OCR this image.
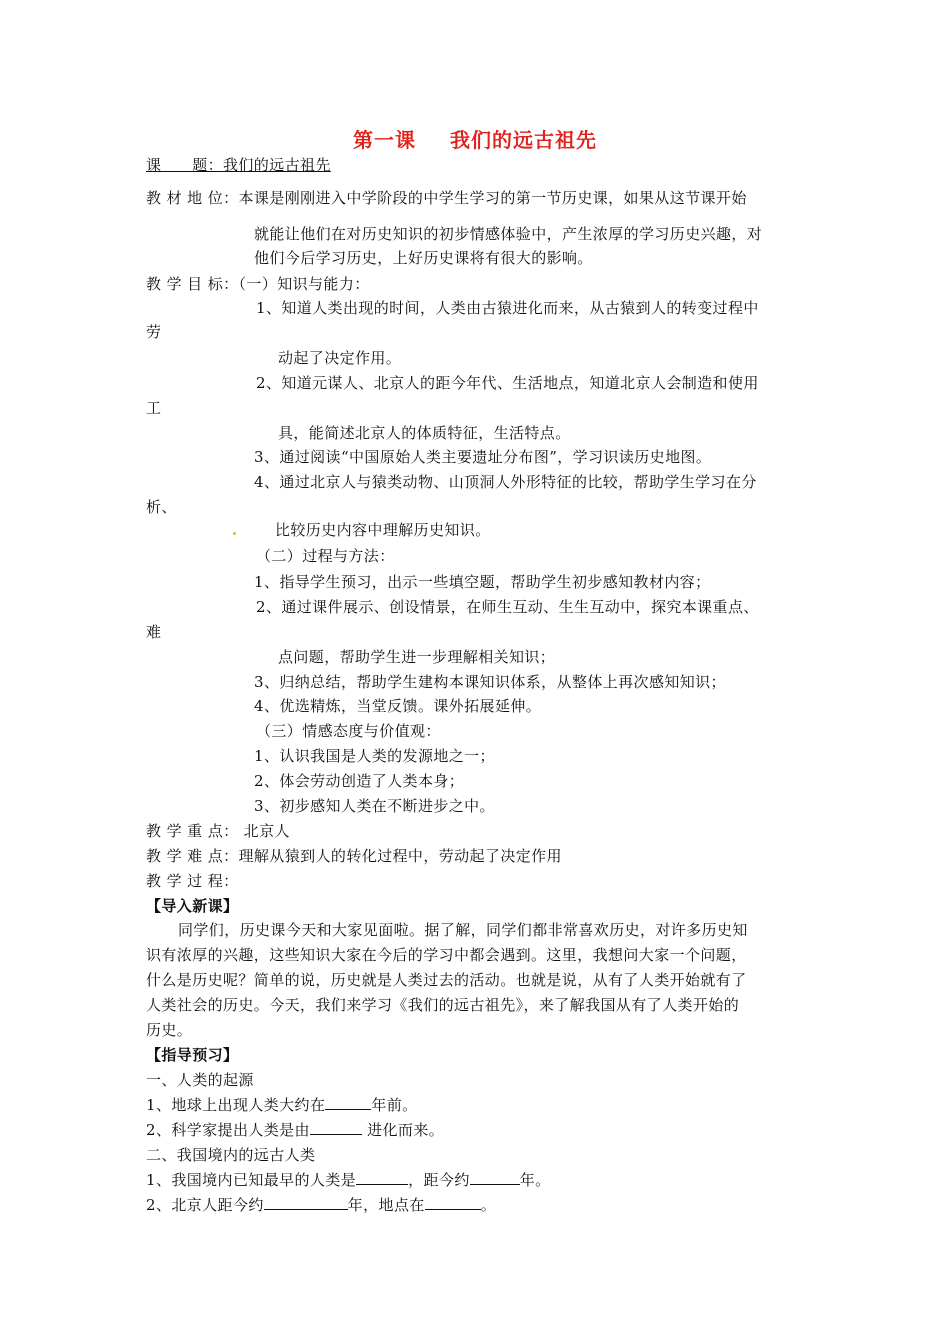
第一课 我们的远古祖先
课　　题：我们的远古祖先
教 材 地 位：本课是刚刚进入中学阶段的中学生学习的第一节历史课，如果从这节课开始
就能让他们在对历史知识的初步情感体验中，产生浓厚的学习历史兴趣，对
他们今后学习历史，上好历史课将有很大的影响。
教 学 目 标：（一）知识与能力：
1、知道人类出现的时间，人类由古猿进化而来，从古猿到人的转变过程中
劳
动起了决定作用。
2、知道元谋人、北京人的距今年代、生活地点，知道北京人会制造和使用
工
具，能简述北京人的体质特征，生活特点。
3、通过阅读“中国原始人类主要遗址分布图”，学习识读历史地图。
4、通过北京人与猿类动物、山顶洞人外形特征的比较，帮助学生学习在分
析、
比较历史内容中理解历史知识。
（二）过程与方法：
1、指导学生预习，出示一些填空题，帮助学生初步感知教材内容；
2、通过课件展示、创设情景，在师生互动、生生互动中，探究本课重点、
难
点问题，帮助学生进一步理解相关知识；
3、归纳总结，帮助学生建构本课知识体系，从整体上再次感知知识；
4、优选精炼，当堂反馈。课外拓展延伸。
（三）情感态度与价值观：
1、认识我国是人类的发源地之一；
2、体会劳动创造了人类本身；
3、初步感知人类在不断进步之中。
教 学 重 点： 北京人
教 学 难 点：理解从猿到人的转化过程中，劳动起了决定作用
教 学 过 程：
【导入新课】
同学们，历史课今天和大家见面啦。据了解，同学们都非常喜欢历史，对许多历史知
识有浓厚的兴趣，这些知识大家在今后的学习中都会遇到。这里，我想问大家一个问题，
什么是历史呢？简单的说，历史就是人类过去的活动。也就是说，从有了人类开始就有了
人类社会的历史。今天，我们来学习《我们的远古祖先》，来了解我国从有了人类开始的
历史。
【指导预习】
一、人类的起源
1、地球上出现人类大约在	年前。
2、科学家提出人类是由	进化而来。
二、我国境内的远古人类
1、我国境内已知最早的人类是	，距今约	年。
2、北京人距今约	年，地点在	。
